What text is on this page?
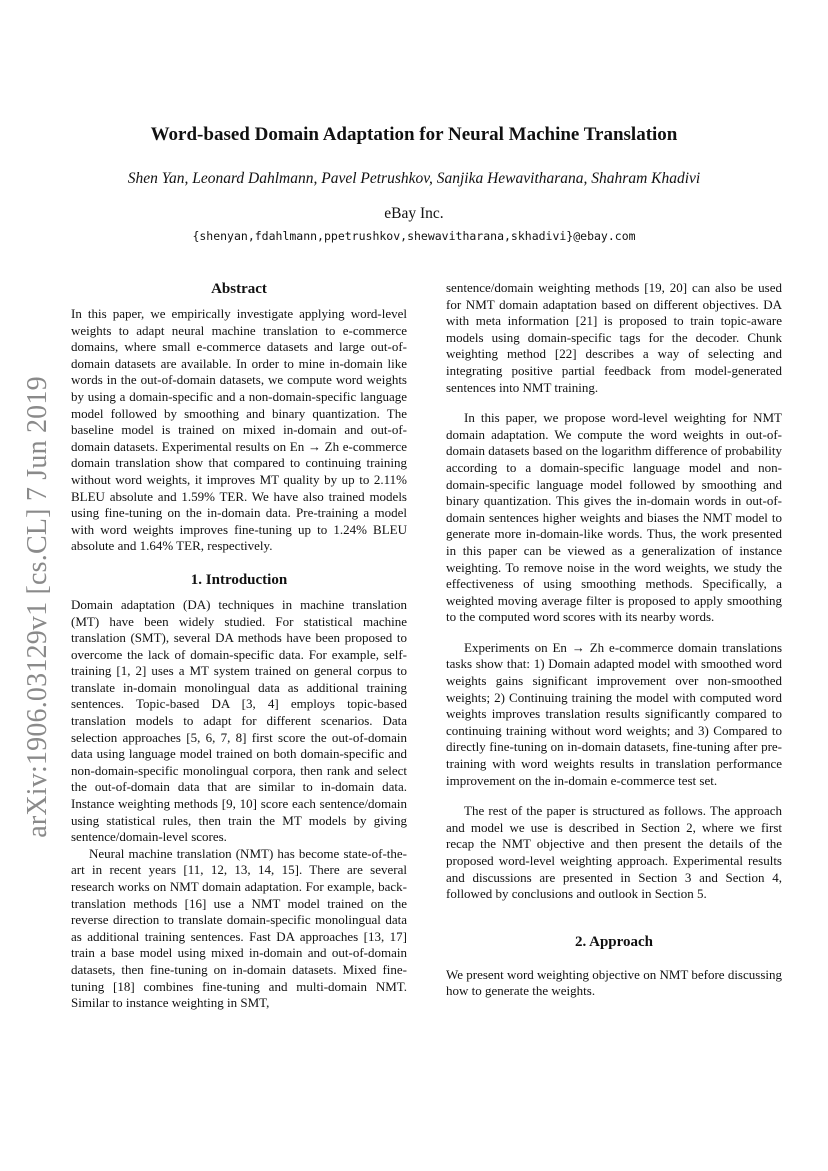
arXiv:1906.03129v1 [cs.CL] 7 Jun 2019
Word-based Domain Adaptation for Neural Machine Translation
Shen Yan, Leonard Dahlmann, Pavel Petrushkov, Sanjika Hewavitharana, Shahram Khadivi
eBay Inc.
{shenyan,fdahlmann,ppetrushkov,shewavitharana,skhadivi}@ebay.com
Abstract

In this paper, we empirically investigate applying word-level weights to adapt neural machine translation to e-commerce domains, where small e-commerce datasets and large out-of-domain datasets are available. In order to mine in-domain like words in the out-of-domain datasets, we compute word weights by using a domain-specific and a non-domain-specific language model followed by smoothing and binary quantization. The baseline model is trained on mixed in-domain and out-of-domain datasets. Experimental results on En → Zh e-commerce domain translation show that compared to continuing training without word weights, it improves MT quality by up to 2.11% BLEU absolute and 1.59% TER. We have also trained models using fine-tuning on the in-domain data. Pre-training a model with word weights improves fine-tuning up to 1.24% BLEU absolute and 1.64% TER, respectively.

1. Introduction

Domain adaptation (DA) techniques in machine translation (MT) have been widely studied. For statistical machine translation (SMT), several DA methods have been proposed to overcome the lack of domain-specific data. For example, self-training [1, 2] uses a MT system trained on general corpus to translate in-domain monolingual data as additional training sentences. Topic-based DA [3, 4] employs topic-based translation models to adapt for different scenarios. Data selection approaches [5, 6, 7, 8] first score the out-of-domain data using language model trained on both domain-specific and non-domain-specific monolingual corpora, then rank and select the out-of-domain data that are similar to in-domain data. Instance weighting methods [9, 10] score each sentence/domain using statistical rules, then train the MT models by giving sentence/domain-level scores.

Neural machine translation (NMT) has become state-of-the-art in recent years [11, 12, 13, 14, 15]. There are several research works on NMT domain adaptation. For example, back-translation methods [16] use a NMT model trained on the reverse direction to translate domain-specific monolingual data as additional training sentences. Fast DA approaches [13, 17] train a base model using mixed in-domain and out-of-domain datasets, then fine-tuning on in-domain datasets. Mixed fine-tuning [18] combines fine-tuning and multi-domain NMT. Similar to instance weighting in SMT,

sentence/domain weighting methods [19, 20] can also be used for NMT domain adaptation based on different objectives. DA with meta information [21] is proposed to train topic-aware models using domain-specific tags for the decoder. Chunk weighting method [22] describes a way of selecting and integrating positive partial feedback from model-generated sentences into NMT training.

In this paper, we propose word-level weighting for NMT domain adaptation. We compute the word weights in out-of-domain datasets based on the logarithm difference of probability according to a domain-specific language model and non-domain-specific language model followed by smoothing and binary quantization. This gives the in-domain words in out-of-domain sentences higher weights and biases the NMT model to generate more in-domain-like words. Thus, the work presented in this paper can be viewed as a generalization of instance weighting. To remove noise in the word weights, we study the effectiveness of using smoothing methods. Specifically, a weighted moving average filter is proposed to apply smoothing to the computed word scores with its nearby words.

Experiments on En → Zh e-commerce domain translations tasks show that: 1) Domain adapted model with smoothed word weights gains significant improvement over non-smoothed weights; 2) Continuing training the model with computed word weights improves translation results significantly compared to continuing training without word weights; and 3) Compared to directly fine-tuning on in-domain datasets, fine-tuning after pre-training with word weights results in translation performance improvement on the in-domain e-commerce test set.

The rest of the paper is structured as follows. The approach and model we use is described in Section 2, where we first recap the NMT objective and then present the details of the proposed word-level weighting approach. Experimental results and discussions are presented in Section 3 and Section 4, followed by conclusions and outlook in Section 5.

2. Approach

We present word weighting objective on NMT before discussing how to generate the weights.
